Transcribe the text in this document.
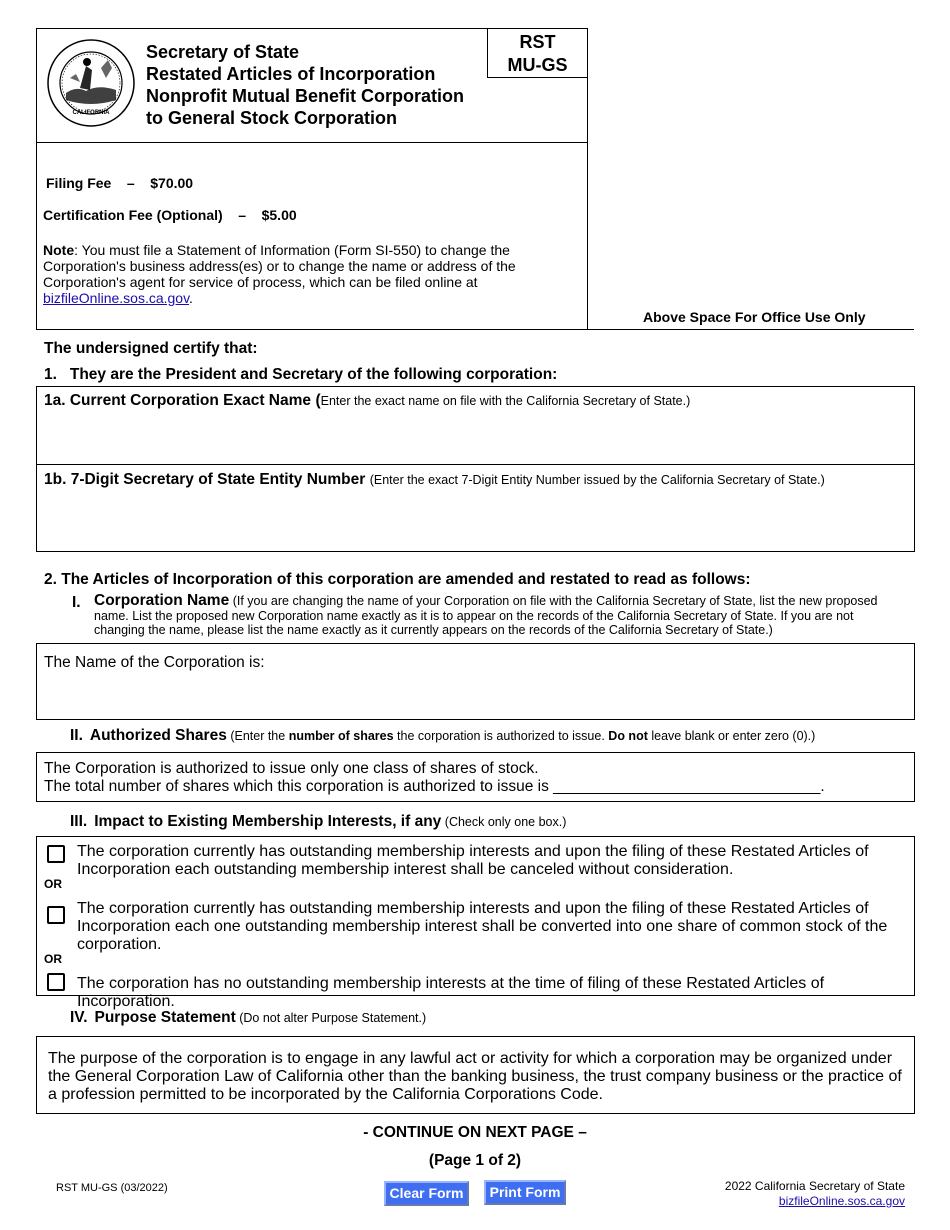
RST
MU-GS
CALIFORNIA
Secretary of State
Restated Articles of Incorporation
Nonprofit Mutual Benefit Corporation
to General Stock Corporation
Filing Fee – $70.00
Certification Fee (Optional) – $5.00
Note: You must file a Statement of Information (Form SI-550) to change the Corporation's business address(es) or to change the name or address of the Corporation's agent for service of process, which can be filed online at bizfileOnline.sos.ca.gov.
Above Space For Office Use Only
The undersigned certify that:
1. They are the President and Secretary of the following corporation:
1a. Current Corporation Exact Name (Enter the exact name on file with the California Secretary of State.)
1b. 7-Digit Secretary of State Entity Number (Enter the exact 7-Digit Entity Number issued by the California Secretary of State.)
2. The Articles of Incorporation of this corporation are amended and restated to read as follows:
I. Corporation Name (If you are changing the name of your Corporation on file with the California Secretary of State, list the new proposed name. List the proposed new Corporation name exactly as it is to appear on the records of the California Secretary of State. If you are not changing the name, please list the name exactly as it currently appears on the records of the California Secretary of State.)
The Name of the Corporation is:
II. Authorized Shares (Enter the number of shares the corporation is authorized to issue. Do not leave blank or enter zero (0).)
The Corporation is authorized to issue only one class of shares of stock.
The total number of shares which this corporation is authorized to issue is _______________________________.
III. Impact to Existing Membership Interests, if any (Check only one box.)
The corporation currently has outstanding membership interests and upon the filing of these Restated Articles of Incorporation each outstanding membership interest shall be canceled without consideration.
OR
The corporation currently has outstanding membership interests and upon the filing of these Restated Articles of Incorporation each one outstanding membership interest shall be converted into one share of common stock of the corporation.
OR
The corporation has no outstanding membership interests at the time of filing of these Restated Articles of Incorporation.
IV. Purpose Statement (Do not alter Purpose Statement.)
The purpose of the corporation is to engage in any lawful act or activity for which a corporation may be organized under the General Corporation Law of California other than the banking business, the trust company business or the practice of a profession permitted to be incorporated by the California Corporations Code.
- CONTINUE ON NEXT PAGE –
(Page 1 of 2)
RST MU-GS (03/2022)	Clear Form	Print Form	2022 California Secretary of State
bizfileOnline.sos.ca.gov
